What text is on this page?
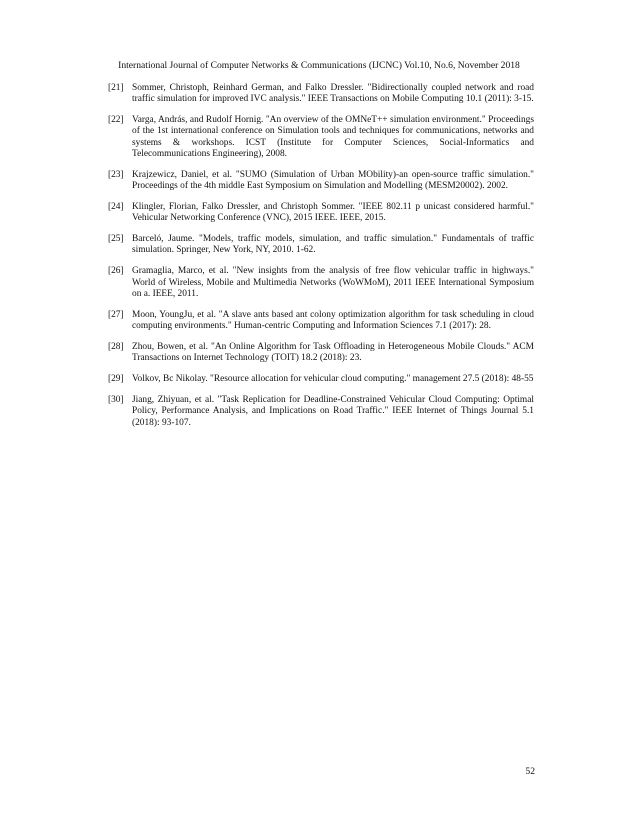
International Journal of Computer Networks & Communications (IJCNC) Vol.10, No.6, November 2018
[21] Sommer, Christoph, Reinhard German, and Falko Dressler. "Bidirectionally coupled network and road traffic simulation for improved IVC analysis." IEEE Transactions on Mobile Computing 10.1 (2011): 3-15.
[22] Varga, András, and Rudolf Hornig. "An overview of the OMNeT++ simulation environment." Proceedings of the 1st international conference on Simulation tools and techniques for communications, networks and systems & workshops. ICST (Institute for Computer Sciences, Social-Informatics and Telecommunications Engineering), 2008.
[23] Krajzewicz, Daniel, et al. "SUMO (Simulation of Urban MObility)-an open-source traffic simulation." Proceedings of the 4th middle East Symposium on Simulation and Modelling (MESM20002). 2002.
[24] Klingler, Florian, Falko Dressler, and Christoph Sommer. "IEEE 802.11 p unicast considered harmful." Vehicular Networking Conference (VNC), 2015 IEEE. IEEE, 2015.
[25] Barceló, Jaume. "Models, traffic models, simulation, and traffic simulation." Fundamentals of traffic simulation. Springer, New York, NY, 2010. 1-62.
[26] Gramaglia, Marco, et al. "New insights from the analysis of free flow vehicular traffic in highways." World of Wireless, Mobile and Multimedia Networks (WoWMoM), 2011 IEEE International Symposium on a. IEEE, 2011.
[27] Moon, YoungJu, et al. "A slave ants based ant colony optimization algorithm for task scheduling in cloud computing environments." Human-centric Computing and Information Sciences 7.1 (2017): 28.
[28] Zhou, Bowen, et al. "An Online Algorithm for Task Offloading in Heterogeneous Mobile Clouds." ACM Transactions on Internet Technology (TOIT) 18.2 (2018): 23.
[29] Volkov, Bc Nikolay. "Resource allocation for vehicular cloud computing." management 27.5 (2018): 48-55
[30] Jiang, Zhiyuan, et al. "Task Replication for Deadline-Constrained Vehicular Cloud Computing: Optimal Policy, Performance Analysis, and Implications on Road Traffic." IEEE Internet of Things Journal 5.1 (2018): 93-107.
52
